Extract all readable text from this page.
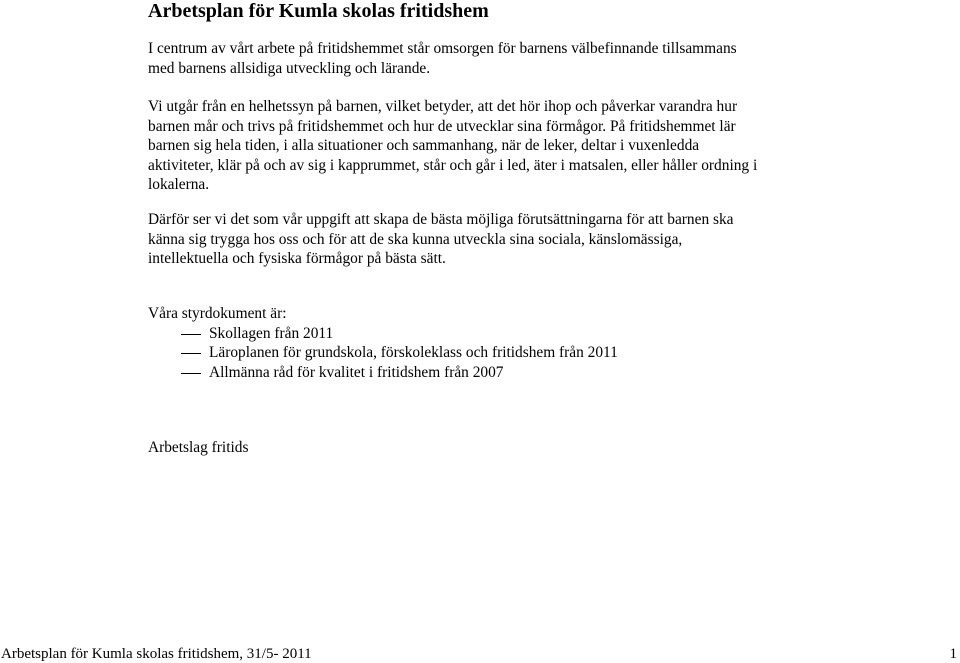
Arbetsplan för Kumla skolas fritidshem

I centrum av vårt arbete på fritidshemmet står omsorgen för barnens välbefinnande tillsammans med barnens allsidiga utveckling och lärande.

Vi utgår från en helhetssyn på barnen, vilket betyder, att det hör ihop och påverkar varandra hur barnen mår och trivs på fritidshemmet och hur de utvecklar sina förmågor. På fritidshemmet lär barnen sig hela tiden, i alla situationer och sammanhang, när de leker, deltar i vuxenledda aktiviteter, klär på och av sig i kapprummet, står och går i led, äter i matsalen, eller håller ordning i lokalerna.

Därför ser vi det som vår uppgift att skapa de bästa möjliga förutsättningarna för att barnen ska känna sig trygga hos oss och för att de ska kunna utveckla sina sociala, känslomässiga, intellektuella och fysiska förmågor på bästa sätt.

Våra styrdokument är:

Skollagen från 2011
Läroplanen för grundskola, förskoleklass och fritidshem från 2011
Allmänna råd för kvalitet i fritidshem från 2007

Arbetslag fritids

Arbetsplan för Kumla skolas fritidshem, 31/5- 2011	1
